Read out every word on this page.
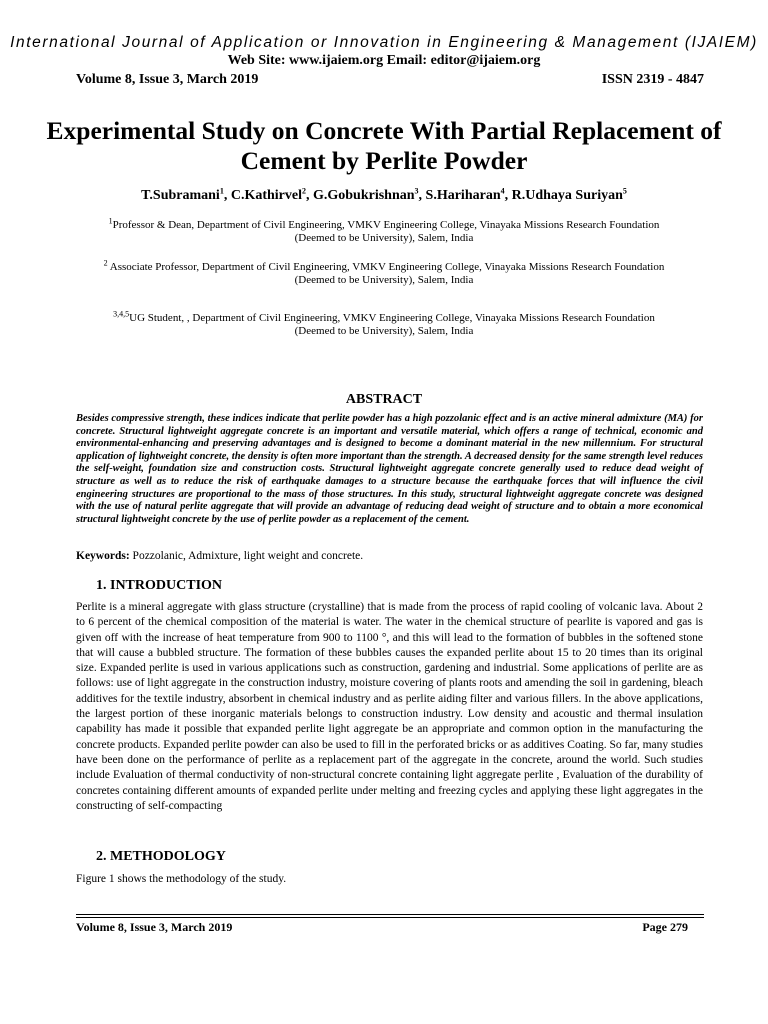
International Journal of Application or Innovation in Engineering & Management (IJAIEM)
Web Site: www.ijaiem.org Email: editor@ijaiem.org
Volume 8, Issue 3, March 2019	ISSN 2319 - 4847
Experimental Study on Concrete With Partial Replacement of Cement by Perlite Powder
T.Subramani$^1$, C.Kathirvel$^2$, G.Gobukrishnan$^3$, S.Hariharan$^4$, R.Udhaya Suriyan$^5$
$^1$Professor & Dean, Department of Civil Engineering, VMKV Engineering College, Vinayaka Missions Research Foundation
(Deemed to be University), Salem, India
$^2$ Associate Professor, Department of Civil Engineering, VMKV Engineering College, Vinayaka Missions Research Foundation
(Deemed to be University), Salem, India
$^{3,4,5}$UG Student, , Department of Civil Engineering, VMKV Engineering College, Vinayaka Missions Research Foundation
(Deemed to be University), Salem, India
ABSTRACT

Besides compressive strength, these indices indicate that perlite powder has a high pozzolanic effect and is an active mineral admixture (MA) for concrete. Structural lightweight aggregate concrete is an important and versatile material, which offers a range of technical, economic and environmental-enhancing and preserving advantages and is designed to become a dominant material in the new millennium. For structural application of lightweight concrete, the density is often more important than the strength. A decreased density for the same strength level reduces the self-weight, foundation size and construction costs. Structural lightweight aggregate concrete generally used to reduce dead weight of structure as well as to reduce the risk of earthquake damages to a structure because the earthquake forces that will influence the civil engineering structures are proportional to the mass of those structures. In this study, structural lightweight aggregate concrete was designed with the use of natural perlite aggregate that will provide an advantage of reducing dead weight of structure and to obtain a more economical structural lightweight concrete by the use of perlite powder as a replacement of the cement.

Keywords: Pozzolanic, Admixture, light weight and concrete.
1. INTRODUCTION

Perlite is a mineral aggregate with glass structure (crystalline) that is made from the process of rapid cooling of volcanic lava. About 2 to 6 percent of the chemical composition of the material is water. The water in the chemical structure of pearlite is vapored and gas is given off with the increase of heat temperature from 900 to 1100 °, and this will lead to the formation of bubbles in the softened stone that will cause a bubbled structure. The formation of these bubbles causes the expanded perlite about 15 to 20 times than its original size. Expanded perlite is used in various applications such as construction, gardening and industrial. Some applications of perlite are as follows: use of light aggregate in the construction industry, moisture covering of plants roots and amending the soil in gardening, bleach additives for the textile industry, absorbent in chemical industry and as perlite aiding filter and various fillers. In the above applications, the largest portion of these inorganic materials belongs to construction industry. Low density and acoustic and thermal insulation capability has made it possible that expanded perlite light aggregate be an appropriate and common option in the manufacturing the concrete products. Expanded perlite powder can also be used to fill in the perforated bricks or as additives Coating. So far, many studies have been done on the performance of perlite as a replacement part of the aggregate in the concrete, around the world. Such studies include Evaluation of thermal conductivity of non-structural concrete containing light aggregate perlite , Evaluation of the durability of concretes containing different amounts of expanded perlite under melting and freezing cycles and applying these light aggregates in the constructing of self-compacting

2. METHODOLOGY

Figure 1 shows the methodology of the study.

Volume 8, Issue 3, March 2019	Page 279
